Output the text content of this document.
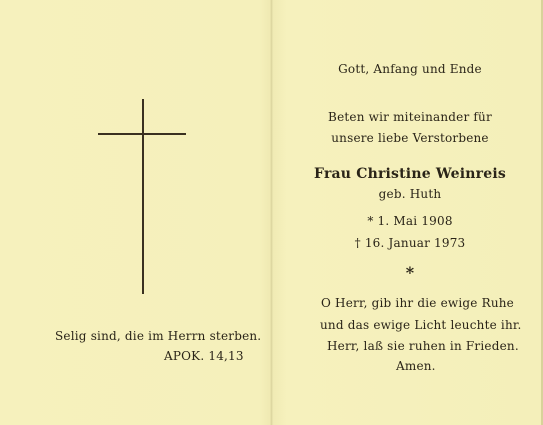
Selig sind, die im Herrn sterben.
APOK. 14,13
Gott, Anfang und Ende
Beten wir miteinander für
unsere liebe Verstorbene
Frau Christine Weinreis
geb. Huth
* 1. Mai 1908
† 16. Januar 1973
*
O Herr, gib ihr die ewige Ruhe
und das ewige Licht leuchte ihr.
Herr, laß sie ruhen in Frieden.
Amen.
